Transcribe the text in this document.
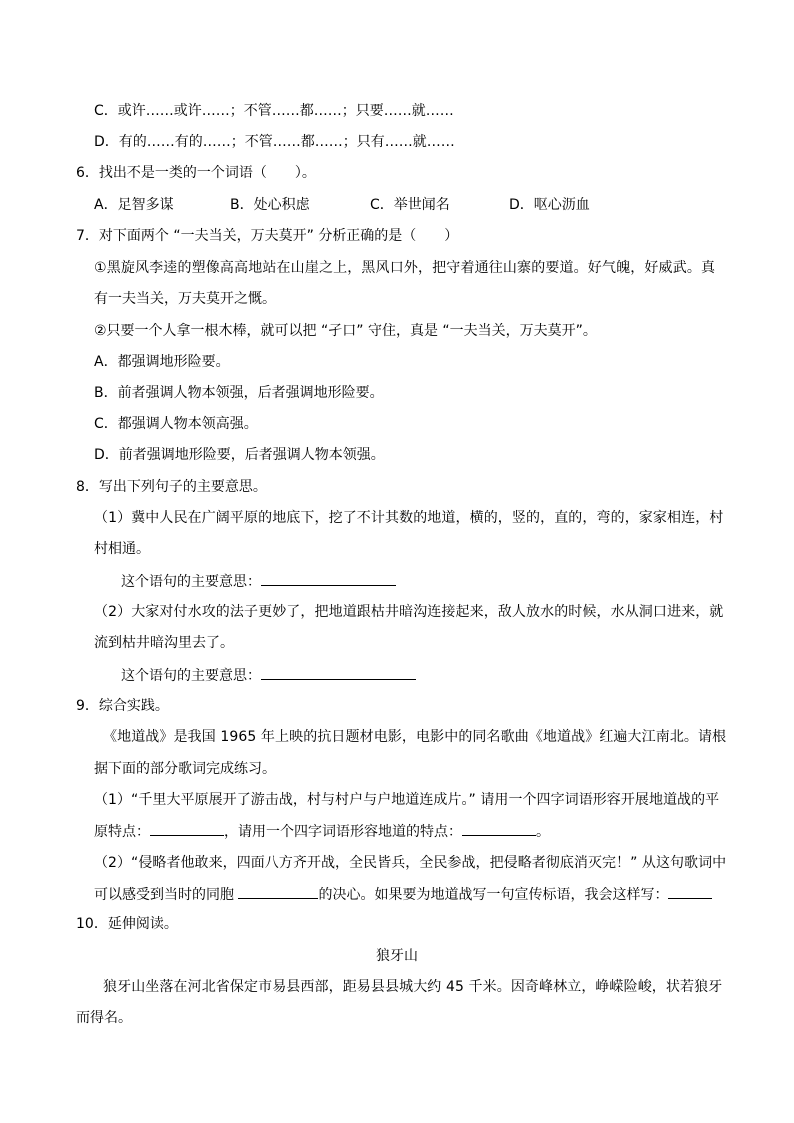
C．或许……或许……；不管……都……；只要……就……
D．有的……有的……；不管……都……；只有……就……
6．找出不是一类的一个词语（　　）。
A．足智多谋	B．处心积虑	C．举世闻名	D．呕心沥血
7．对下面两个 “一夫当关，万夫莫开” 分析正确的是（　　）
①黑旋风李逵的塑像高高地站在山崖之上，黑风口外，把守着通往山寨的要道。好气魄，好威武。真
有一夫当关，万夫莫开之慨。
②只要一个人拿一根木棒，就可以把 “孑口” 守住，真是 “一夫当关，万夫莫开”。
A．都强调地形险要。
B．前者强调人物本领强，后者强调地形险要。
C．都强调人物本领高强。
D．前者强调地形险要，后者强调人物本领强。
8．写出下列句子的主要意思。
（1）冀中人民在广阔平原的地底下，挖了不计其数的地道，横的，竖的，直的，弯的，家家相连，村
村相通。
这个语句的主要意思：
（2）大家对付水攻的法子更妙了，把地道跟枯井暗沟连接起来，敌人放水的时候，水从洞口进来，就
流到枯井暗沟里去了。
这个语句的主要意思：
9．综合实践。
《地道战》是我国 1965 年上映的抗日题材电影，电影中的同名歌曲《地道战》红遍大江南北。请根
据下面的部分歌词完成练习。
（1）“千里大平原展开了游击战，村与村户与户地道连成片。” 请用一个四字词语形容开展地道战的平
原特点：	，请用一个四字词语形容地道的特点：	。
（2）“侵略者他敢来，四面八方齐开战，全民皆兵，全民参战，把侵略者彻底消灭完！” 从这句歌词中
可以感受到当时的同胞	的决心。如果要为地道战写一句宣传标语，我会这样写：
10．延伸阅读。
狼牙山
狼牙山坐落在河北省保定市易县西部，距易县县城大约 45 千米。因奇峰林立，峥嵘险峻，状若狼牙
而得名。
